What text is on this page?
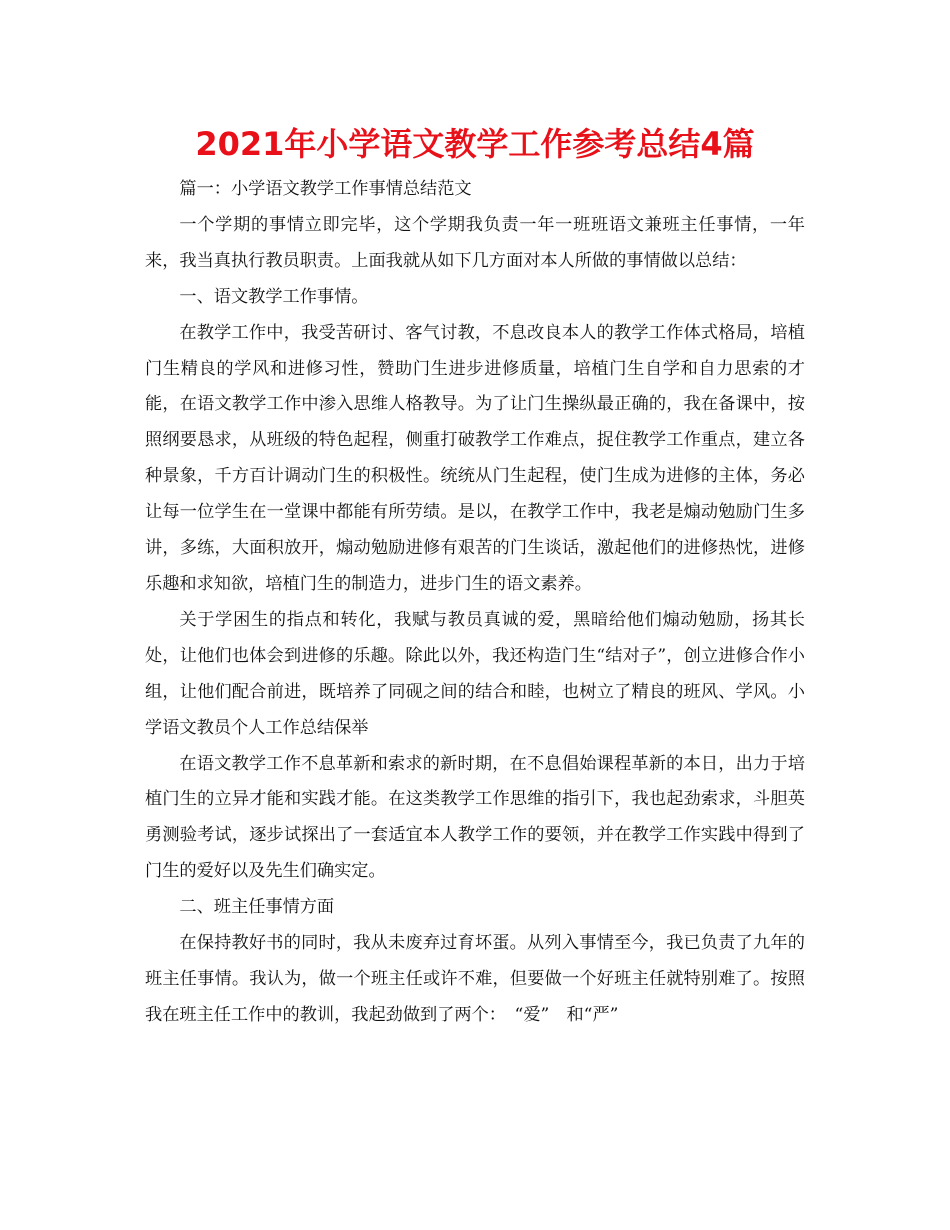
2021年小学语文教学工作参考总结4篇

篇一：小学语文教学工作事情总结范文

一个学期的事情立即完毕，这个学期我负责一年一班班语文兼班主任事情，一年来，我当真执行教员职责。上面我就从如下几方面对本人所做的事情做以总结：

一、语文教学工作事情。

在教学工作中，我受苦研讨、客气讨教，不息改良本人的教学工作体式格局，培植门生精良的学风和进修习性，赞助门生进步进修质量，培植门生自学和自力思索的才能，在语文教学工作中渗入思维人格教导。为了让门生操纵最正确的，我在备课中，按照纲要恳求，从班级的特色起程，侧重打破教学工作难点，捉住教学工作重点，建立各种景象，千方百计调动门生的积极性。统统从门生起程，使门生成为进修的主体，务必让每一位学生在一堂课中都能有所劳绩。是以，在教学工作中，我老是煽动勉励门生多讲，多练，大面积放开，煽动勉励进修有艰苦的门生谈话，激起他们的进修热忱，进修乐趣和求知欲，培植门生的制造力，进步门生的语文素养。

关于学困生的指点和转化，我赋与教员真诚的爱，黑暗给他们煽动勉励，扬其长处，让他们也体会到进修的乐趣。除此以外，我还构造门生“结对子”，创立进修合作小组，让他们配合前进，既培养了同砚之间的结合和睦，也树立了精良的班风、学风。小学语文教员个人工作总结保举

在语文教学工作不息革新和索求的新时期，在不息倡始课程革新的本日，出力于培植门生的立异才能和实践才能。在这类教学工作思维的指引下，我也起劲索求，斗胆英勇测验考试，逐步试探出了一套适宜本人教学工作的要领，并在教学工作实践中得到了门生的爱好以及先生们确实定。

二、班主任事情方面

在保持教好书的同时，我从未废弃过育坏蛋。从列入事情至今，我已负责了九年的班主任事情。我认为，做一个班主任或许不难，但要做一个好班主任就特别难了。按照我在班主任工作中的教训，我起劲做到了两个：　“爱”　和“严”
